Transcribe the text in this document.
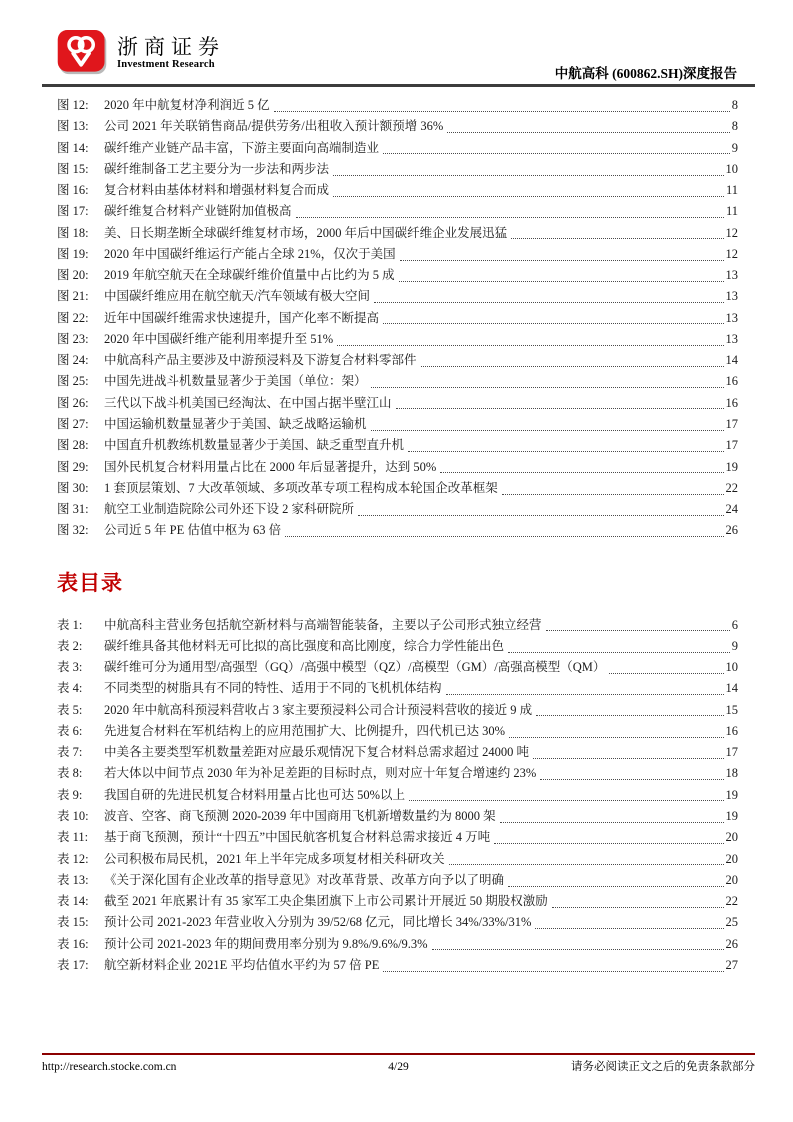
浙商证券
Investment Research
中航高科 (600862.SH)深度报告
图 12:	2020 年中航复材净利润近 5 亿	8
图 13:	公司 2021 年关联销售商品/提供劳务/出租收入预计额预增 36%	8
图 14:	碳纤维产业链产品丰富，下游主要面向高端制造业	9
图 15:	碳纤维制备工艺主要分为一步法和两步法	10
图 16:	复合材料由基体材料和增强材料复合而成	11
图 17:	碳纤维复合材料产业链附加值极高	11
图 18:	美、日长期垄断全球碳纤维复材市场，2000 年后中国碳纤维企业发展迅猛	12
图 19:	2020 年中国碳纤维运行产能占全球 21%，仅次于美国	12
图 20:	2019 年航空航天在全球碳纤维价值量中占比约为 5 成	13
图 21:	中国碳纤维应用在航空航天/汽车领域有极大空间	13
图 22:	近年中国碳纤维需求快速提升，国产化率不断提高	13
图 23:	2020 年中国碳纤维产能利用率提升至 51%	13
图 24:	中航高科产品主要涉及中游预浸料及下游复合材料零部件	14
图 25:	中国先进战斗机数量显著少于美国（单位：架）	16
图 26:	三代以下战斗机美国已经淘汰、在中国占据半壁江山	16
图 27:	中国运输机数量显著少于美国、缺乏战略运输机	17
图 28:	中国直升机教练机数量显著少于美国、缺乏重型直升机	17
图 29:	国外民机复合材料用量占比在 2000 年后显著提升，达到 50%	19
图 30:	1 套顶层策划、7 大改革领域、多项改革专项工程构成本轮国企改革框架	22
图 31:	航空工业制造院除公司外还下设 2 家科研院所	24
图 32:	公司近 5 年 PE 估值中枢为 63 倍	26
表目录
表 1:	中航高科主营业务包括航空新材料与高端智能装备，主要以子公司形式独立经营	6
表 2:	碳纤维具备其他材料无可比拟的高比强度和高比刚度，综合力学性能出色	9
表 3:	碳纤维可分为通用型/高强型（GQ）/高强中模型（QZ）/高模型（GM）/高强高模型（QM）	10
表 4:	不同类型的树脂具有不同的特性、适用于不同的飞机机体结构	14
表 5:	2020 年中航高科预浸料营收占 3 家主要预浸料公司合计预浸料营收的接近 9 成	15
表 6:	先进复合材料在军机结构上的应用范围扩大、比例提升，四代机已达 30%	16
表 7:	中美各主要类型军机数量差距对应最乐观情况下复合材料总需求超过 24000 吨	17
表 8:	若大体以中间节点 2030 年为补足差距的目标时点，则对应十年复合增速约 23%	18
表 9:	我国自研的先进民机复合材料用量占比也可达 50%以上	19
表 10:	波音、空客、商飞预测 2020-2039 年中国商用飞机新增数量约为 8000 架	19
表 11:	基于商飞预测，预计“十四五”中国民航客机复合材料总需求接近 4 万吨	20
表 12:	公司积极布局民机，2021 年上半年完成多项复材相关科研攻关	20
表 13:	《关于深化国有企业改革的指导意见》对改革背景、改革方向予以了明确	20
表 14:	截至 2021 年底累计有 35 家军工央企集团旗下上市公司累计开展近 50 期股权激励	22
表 15:	预计公司 2021-2023 年营业收入分别为 39/52/68 亿元，同比增长 34%/33%/31%	25
表 16:	预计公司 2021-2023 年的期间费用率分别为 9.8%/9.6%/9.3%	26
表 17:	航空新材料企业 2021E 平均估值水平约为 57 倍 PE	27
http://research.stocke.com.cn	4/29	请务必阅读正文之后的免责条款部分
